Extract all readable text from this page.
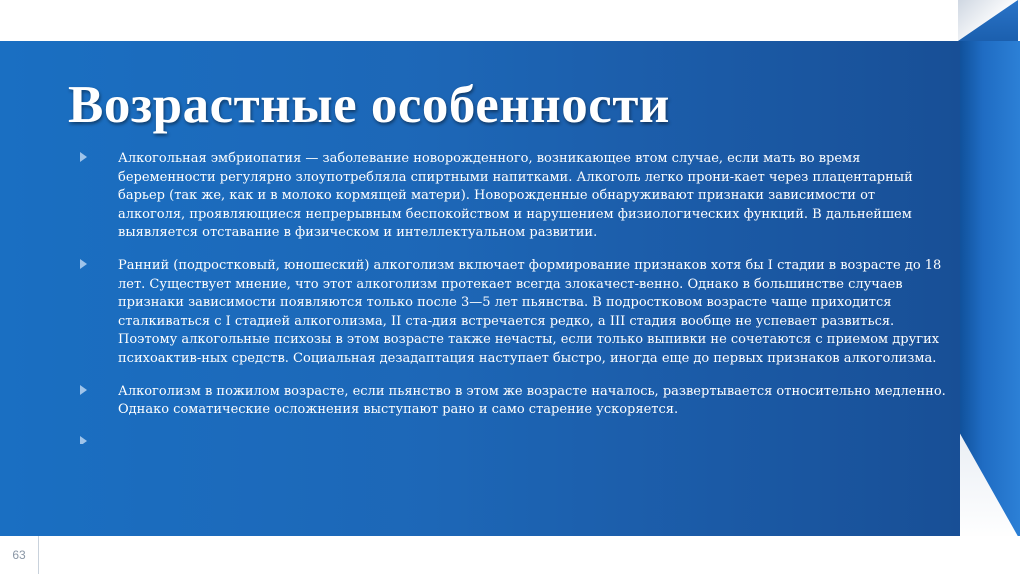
Возрастные особенности
Алкогольная эмбриопатия — заболевание новорожденного, возникающее втом случае, если мать во время беременности регулярно злоупотребляла спиртными напитками. Алкоголь легко прони-кает через плацентарный барьер (так же, как и в молоко кормящей матери). Новорожденные обнаруживают признаки зависимости от алкоголя, проявляющиеся непрерывным беспокойством и нарушением физиологических функций. В дальнейшем выявляется отставание в физическом и интеллектуальном развитии.
Ранний (подростковый, юношеский) алкоголизм включает формирование признаков хотя бы I стадии в возрасте до 18 лет. Существует мнение, что этот алкоголизм протекает всегда злокачест-венно. Однако в большинстве случаев признаки зависимости появляются только после 3—5 лет пьянства. В подростковом возрасте чаще приходится сталкиваться с I стадией алкоголизма, II ста-дия встречается редко, а III стадия вообще не успевает развиться. Поэтому алкогольные психозы в этом возрасте также нечасты, если только выпивки не сочетаются с приемом других психоактив-ных средств. Социальная дезадаптация наступает быстро, иногда еще до первых признаков алкоголизма.
Алкоголизм в пожилом возрасте, если пьянство в этом же возрасте началось, развертывается относительно медленно. Однако соматические осложнения выступают рано и само старение ускоряется.
63
